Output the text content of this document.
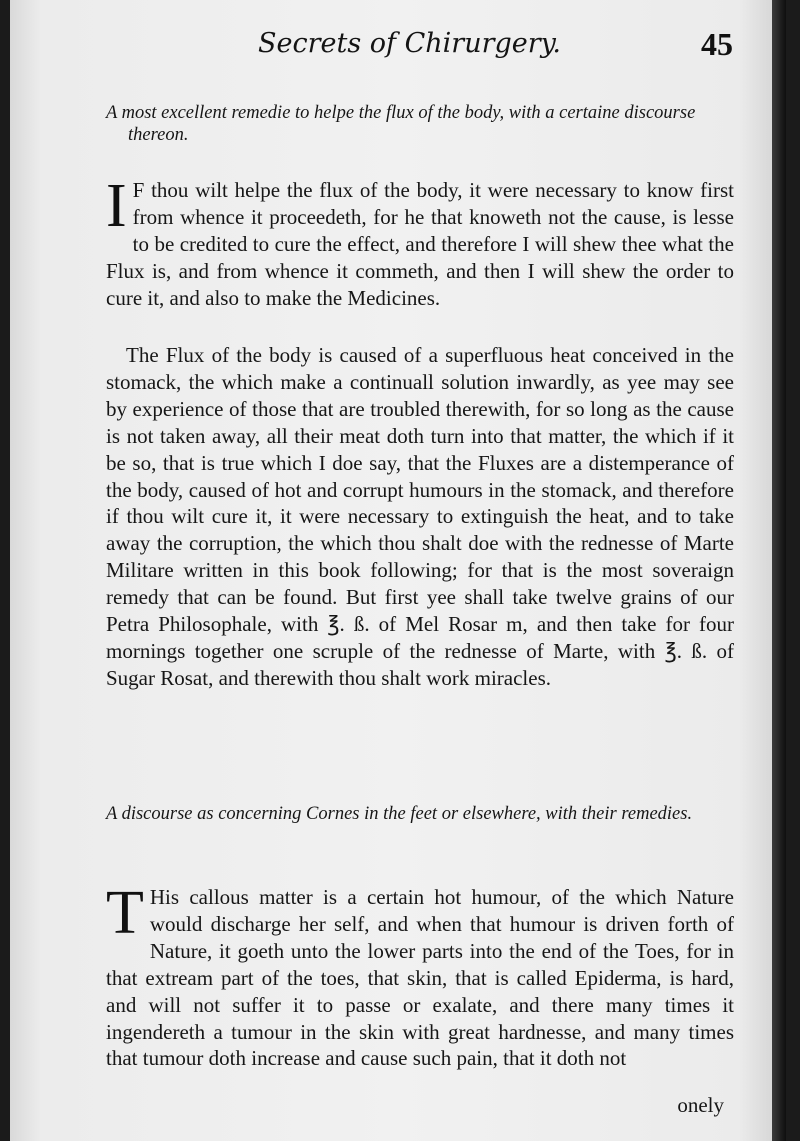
Secrets of Chirurgery.	45
A most excellent remedie to helpe the flux of the body, with a certaine discourse thereon.
I F thou wilt helpe the flux of the body, it were necessary to know first from whence it proceedeth, for he that knoweth not the cause, is lesse to be credited to cure the effect, and therefore I will shew thee what the Flux is, and from whence it commeth, and then I will shew the order to cure it, and also to make the Medicines.
The Flux of the body is caused of a superfluous heat conceived in the stomack, the which make a continuall solution inwardly, as yee may see by experience of those that are troubled therewith, for so long as the cause is not taken away, all their meat doth turn into that matter, the which if it be so, that is true which I doe say, that the Fluxes are a distemperance of the body, caused of hot and corrupt humours in the stomack, and therefore if thou wilt cure it, it were necessary to extinguish the heat, and to take away the corruption, the which thou shalt doe with the rednesse of Marte Militare written in this book following; for that is the most soveraign remedy that can be found. But first yee shall take twelve grains of our Petra Philosophale, with ℥. ß. of Mel Rosar m, and then take for four mornings together one scruple of the rednesse of Marte, with ℥. ß. of Sugar Rosat, and therewith thou shalt work miracles.
A discourse as concerning Cornes in the feet or elsewhere, with their remedies.
T His callous matter is a certain hot humour, of the which Nature would discharge her self, and when that humour is driven forth of Nature, it goeth unto the lower parts into the end of the Toes, for in that extream part of the toes, that skin, that is called Epiderma, is hard, and will not suffer it to passe or exalate, and there many times it ingendereth a tumour in the skin with great hardnesse, and many times that tumour doth increase and cause such pain, that it doth not
onely
